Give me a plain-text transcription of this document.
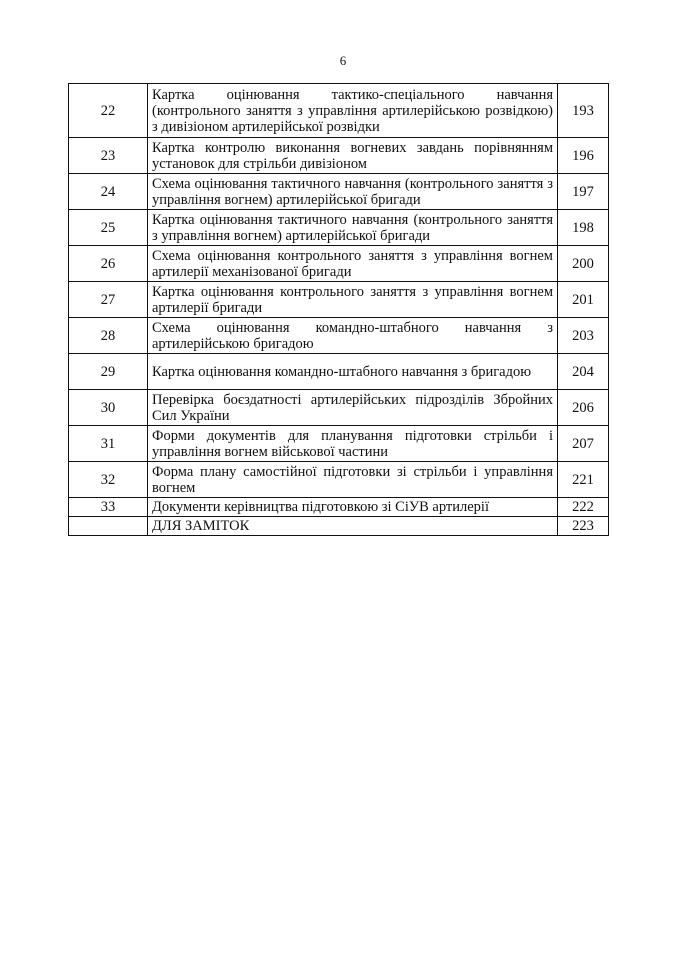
6
22	Картка оцінювання тактико-спеціального навчання (контрольного заняття з управління артилерійською розвідкою) з дивізіоном артилерійської розвідки	193
23	Картка контролю виконання вогневих завдань порівнянням установок для стрільби дивізіоном	196
24	Схема оцінювання тактичного навчання (контрольного заняття з управління вогнем) артилерійської бригади	197
25	Картка оцінювання тактичного навчання (контрольного заняття з управління вогнем) артилерійської бригади	198
26	Схема оцінювання контрольного заняття з управління вогнем артилерії механізованої бригади	200
27	Картка оцінювання контрольного заняття з управління вогнем артилерії бригади	201
28	Схема оцінювання командно-штабного навчання з артилерійською бригадою	203
29	Картка оцінювання командно-штабного навчання з бригадою	204
30	Перевірка боєздатності артилерійських підрозділів Збройних Сил України	206
31	Форми документів для планування підготовки стрільби і управління вогнем військової частини	207
32	Форма плану самостійної підготовки зі стрільби і управління вогнем	221
33	Документи керівництва підготовкою зі СіУВ артилерії	222
	ДЛЯ ЗАМІТОК	223
